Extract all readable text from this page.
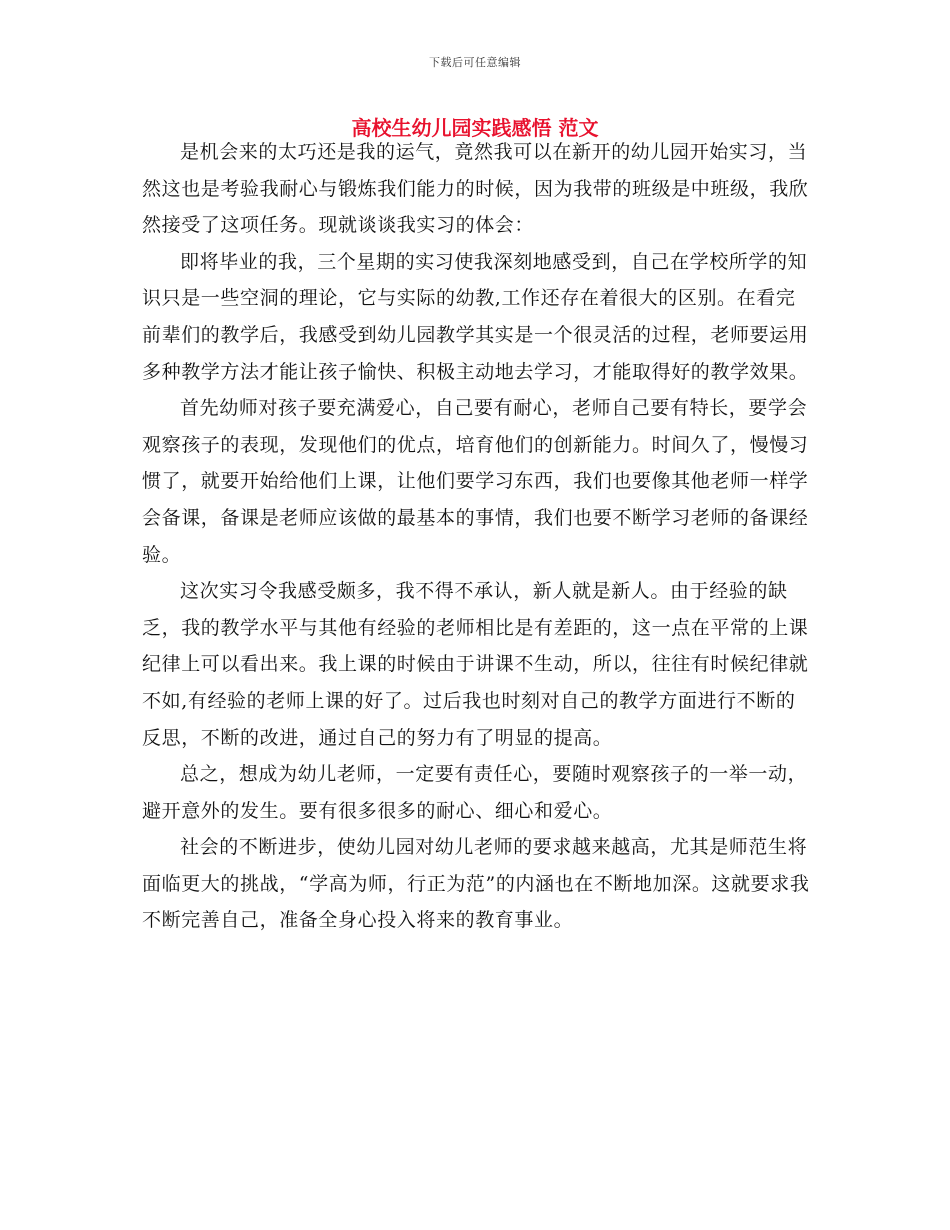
下载后可任意编辑
高校生幼儿园实践感悟 范文

是机会来的太巧还是我的运气，竟然我可以在新开的幼儿园开始实习，当然这也是考验我耐心与锻炼我们能力的时候，因为我带的班级是中班级，我欣然接受了这项任务。现就谈谈我实习的体会：

即将毕业的我，三个星期的实习使我深刻地感受到，自己在学校所学的知识只是一些空洞的理论，它与实际的幼教,工作还存在着很大的区别。在看完前辈们的教学后，我感受到幼儿园教学其实是一个很灵活的过程，老师要运用多种教学方法才能让孩子愉快、积极主动地去学习，才能取得好的教学效果。

首先幼师对孩子要充满爱心，自己要有耐心，老师自己要有特长，要学会观察孩子的表现，发现他们的优点，培育他们的创新能力。时间久了，慢慢习惯了，就要开始给他们上课，让他们要学习东西，我们也要像其他老师一样学会备课，备课是老师应该做的最基本的事情，我们也要不断学习老师的备课经验。

这次实习令我感受颇多，我不得不承认，新人就是新人。由于经验的缺乏，我的教学水平与其他有经验的老师相比是有差距的，这一点在平常的上课纪律上可以看出来。我上课的时候由于讲课不生动，所以，往往有时候纪律就不如,有经验的老师上课的好了。过后我也时刻对自己的教学方面进行不断的反思，不断的改进，通过自己的努力有了明显的提高。

总之，想成为幼儿老师，一定要有责任心，要随时观察孩子的一举一动，避开意外的发生。要有很多很多的耐心、细心和爱心。

社会的不断进步，使幼儿园对幼儿老师的要求越来越高，尤其是师范生将面临更大的挑战，“学高为师，行正为范”的内涵也在不断地加深。这就要求我不断完善自己，准备全身心投入将来的教育事业。
